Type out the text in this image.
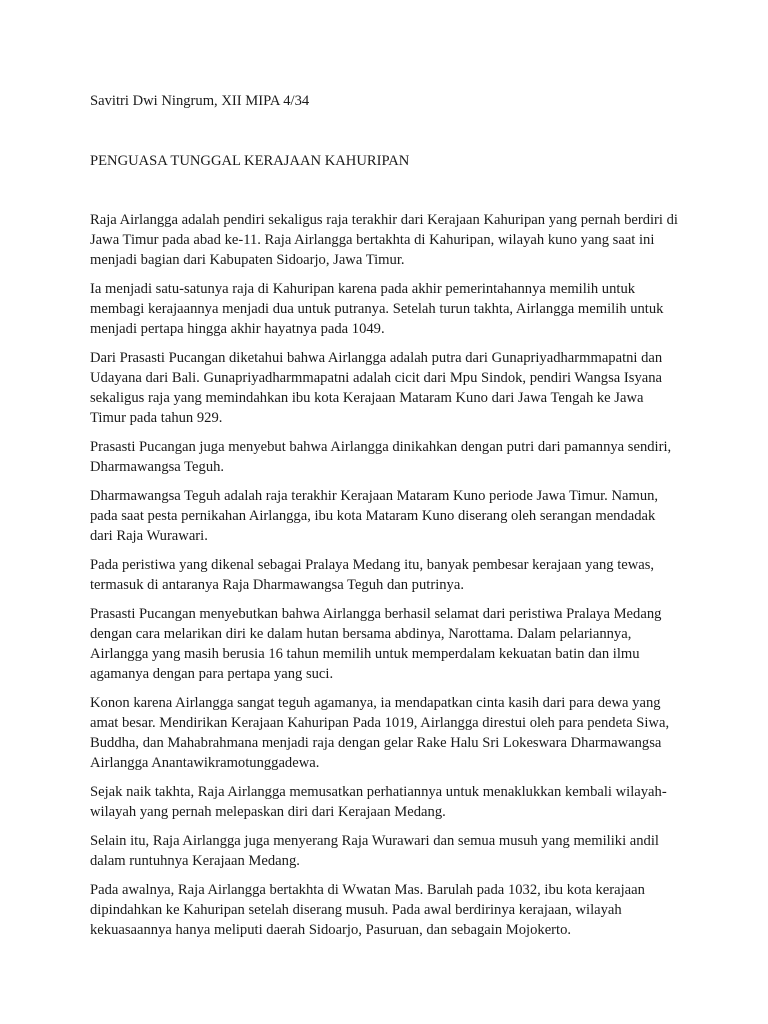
Savitri Dwi Ningrum, XII MIPA 4/34

PENGUASA TUNGGAL KERAJAAN KAHURIPAN

Raja Airlangga adalah pendiri sekaligus raja terakhir dari Kerajaan Kahuripan yang pernah berdiri di Jawa Timur pada abad ke-11. Raja Airlangga bertakhta di Kahuripan, wilayah kuno yang saat ini menjadi bagian dari Kabupaten Sidoarjo, Jawa Timur.

Ia menjadi satu-satunya raja di Kahuripan karena pada akhir pemerintahannya memilih untuk membagi kerajaannya menjadi dua untuk putranya. Setelah turun takhta, Airlangga memilih untuk menjadi pertapa hingga akhir hayatnya pada 1049.

Dari Prasasti Pucangan diketahui bahwa Airlangga adalah putra dari Gunapriyadharmmapatni dan Udayana dari Bali. Gunapriyadharmmapatni adalah cicit dari Mpu Sindok, pendiri Wangsa Isyana sekaligus raja yang memindahkan ibu kota Kerajaan Mataram Kuno dari Jawa Tengah ke Jawa Timur pada tahun 929.

Prasasti Pucangan juga menyebut bahwa Airlangga dinikahkan dengan putri dari pamannya sendiri, Dharmawangsa Teguh.

Dharmawangsa Teguh adalah raja terakhir Kerajaan Mataram Kuno periode Jawa Timur. Namun, pada saat pesta pernikahan Airlangga, ibu kota Mataram Kuno diserang oleh serangan mendadak dari Raja Wurawari.

Pada peristiwa yang dikenal sebagai Pralaya Medang itu, banyak pembesar kerajaan yang tewas, termasuk di antaranya Raja Dharmawangsa Teguh dan putrinya.

Prasasti Pucangan menyebutkan bahwa Airlangga berhasil selamat dari peristiwa Pralaya Medang dengan cara melarikan diri ke dalam hutan bersama abdinya, Narottama. Dalam pelariannya, Airlangga yang masih berusia 16 tahun memilih untuk memperdalam kekuatan batin dan ilmu agamanya dengan para pertapa yang suci.

Konon karena Airlangga sangat teguh agamanya, ia mendapatkan cinta kasih dari para dewa yang amat besar. Mendirikan Kerajaan Kahuripan Pada 1019, Airlangga direstui oleh para pendeta Siwa, Buddha, dan Mahabrahmana menjadi raja dengan gelar Rake Halu Sri Lokeswara Dharmawangsa Airlangga Anantawikramotunggadewa.

Sejak naik takhta, Raja Airlangga memusatkan perhatiannya untuk menaklukkan kembali wilayah-wilayah yang pernah melepaskan diri dari Kerajaan Medang.

Selain itu, Raja Airlangga juga menyerang Raja Wurawari dan semua musuh yang memiliki andil dalam runtuhnya Kerajaan Medang.

Pada awalnya, Raja Airlangga bertakhta di Wwatan Mas. Barulah pada 1032, ibu kota kerajaan dipindahkan ke Kahuripan setelah diserang musuh. Pada awal berdirinya kerajaan, wilayah kekuasaannya hanya meliputi daerah Sidoarjo, Pasuruan, dan sebagain Mojokerto.
